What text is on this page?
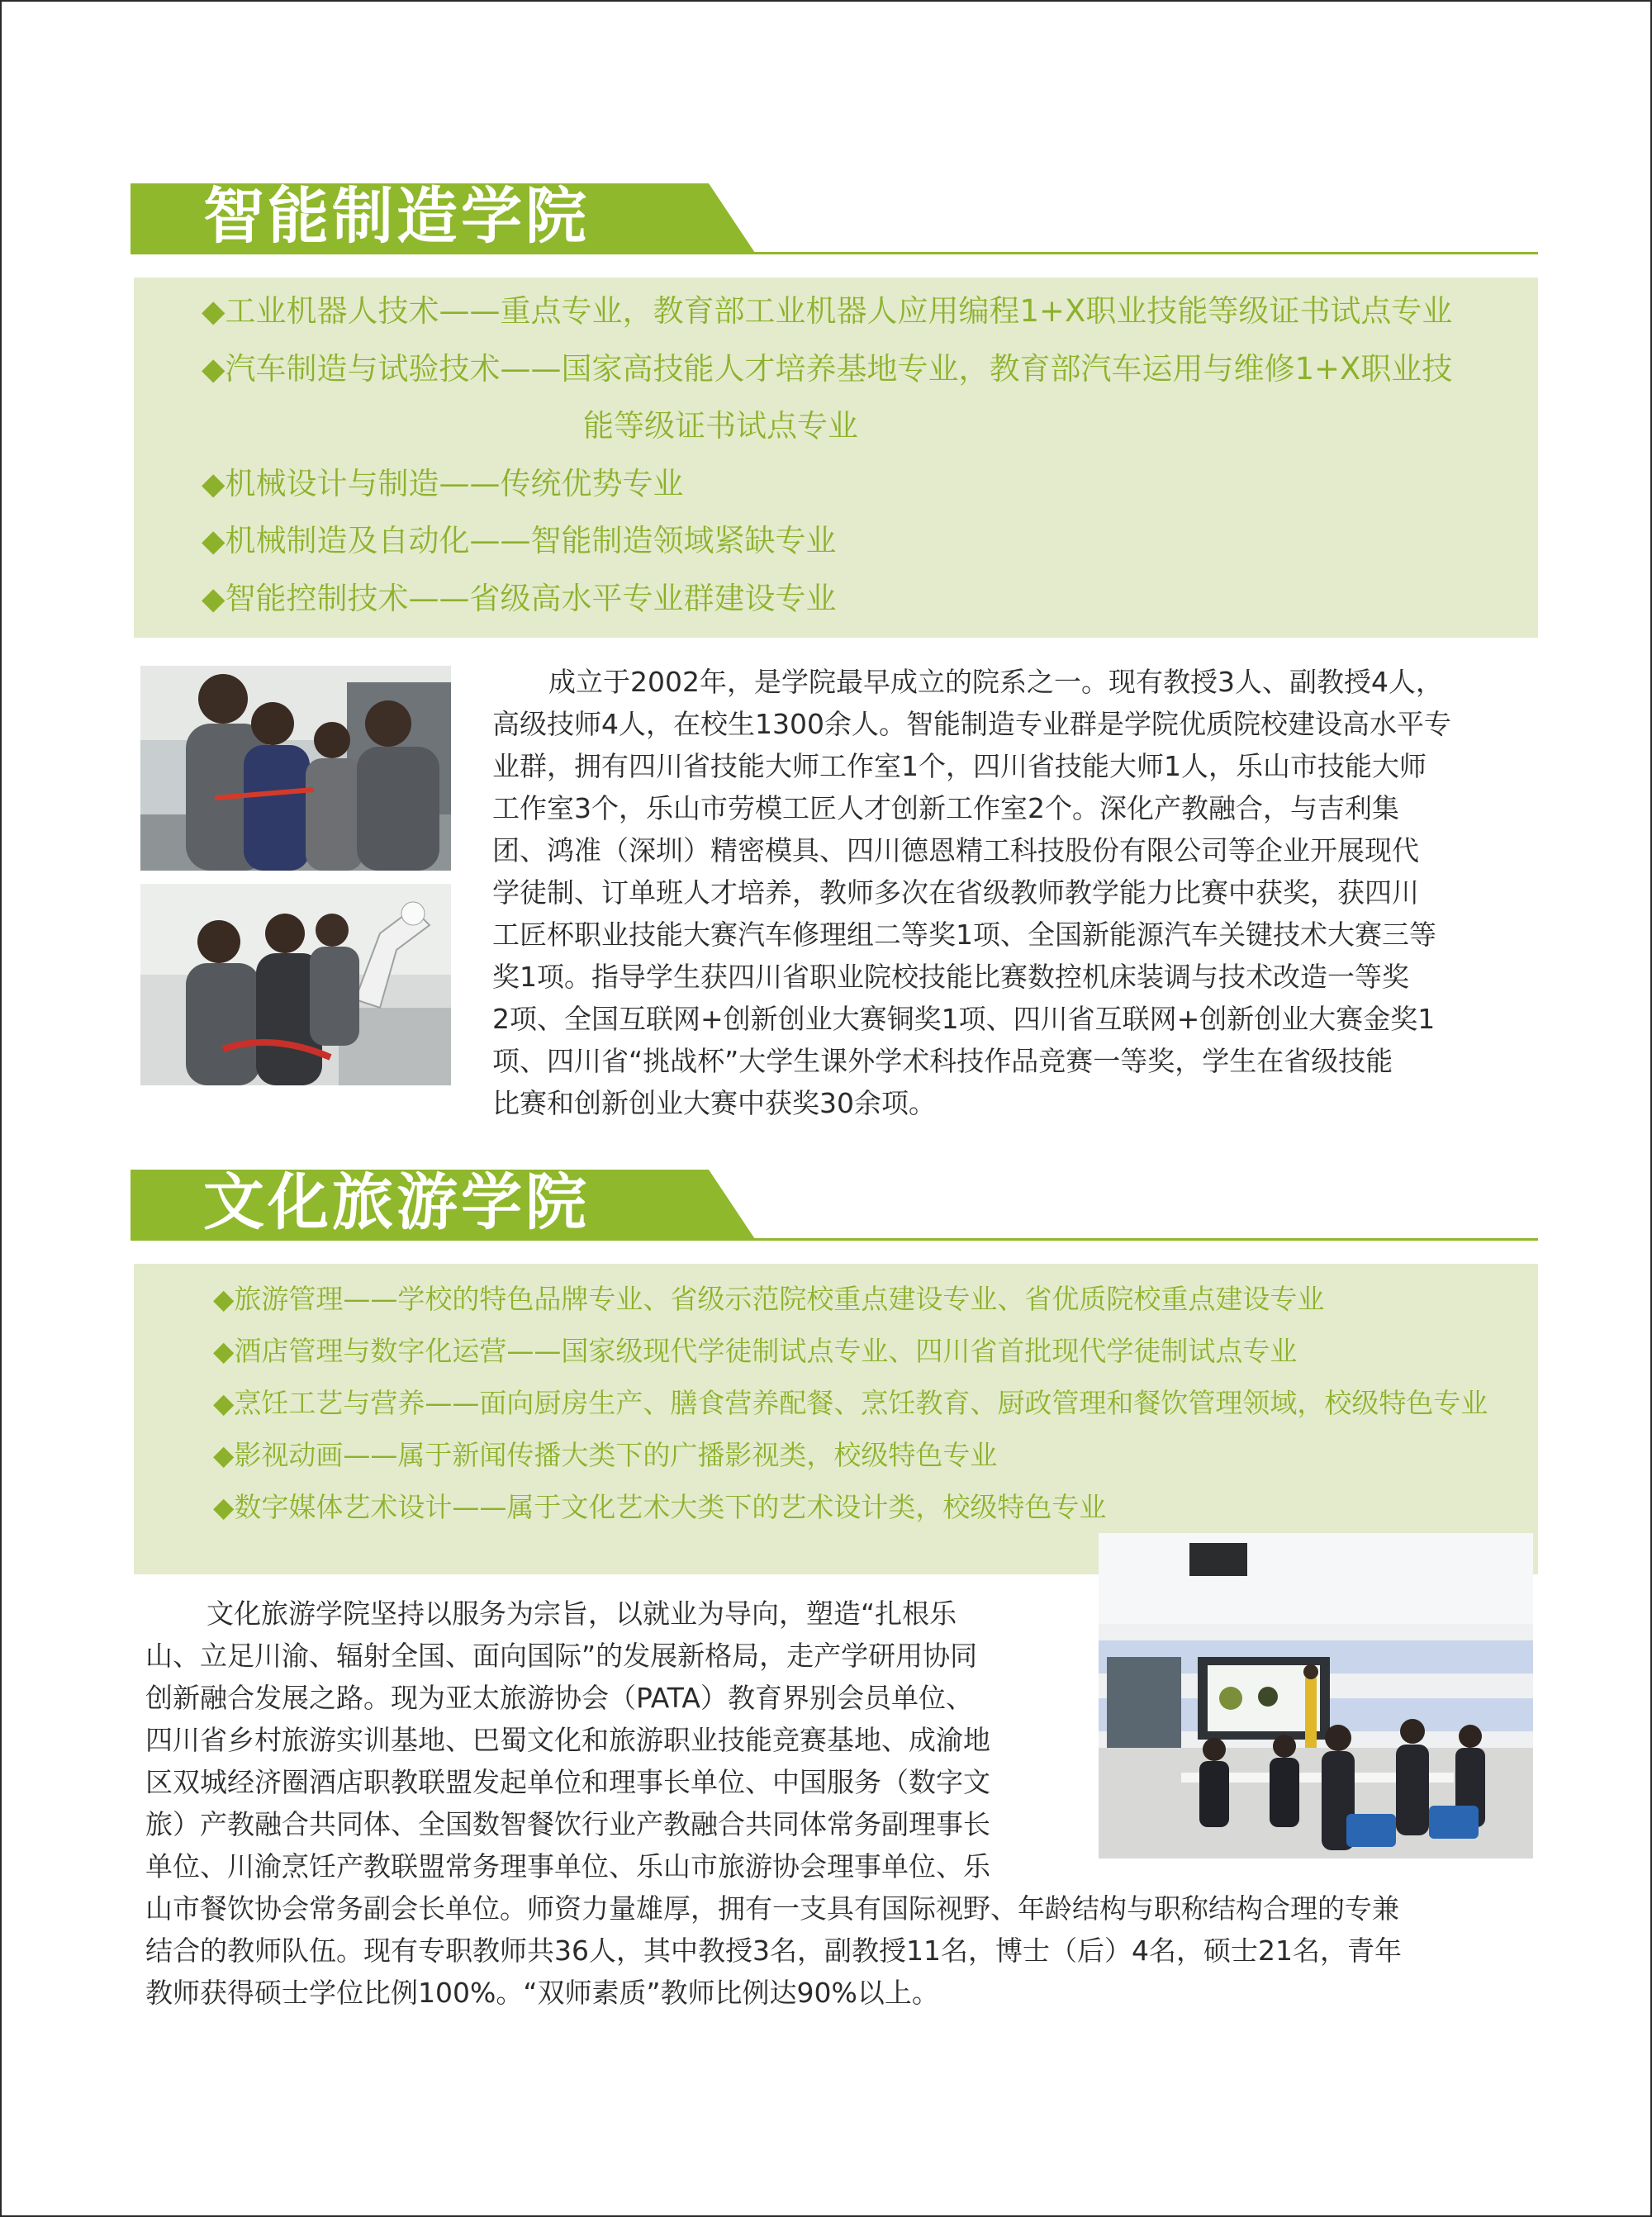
智能制造学院
◆工业机器人技术——重点专业，教育部工业机器人应用编程1+X职业技能等级证书试点专业
◆汽车制造与试验技术——国家高技能人才培养基地专业，教育部汽车运用与维修1+X职业技
能等级证书试点专业
◆机械设计与制造——传统优势专业
◆机械制造及自动化——智能制造领域紧缺专业
◆智能控制技术——省级高水平专业群建设专业
成立于2002年，是学院最早成立的院系之一。现有教授3人、副教授4人，
高级技师4人，在校生1300余人。智能制造专业群是学院优质院校建设高水平专
业群，拥有四川省技能大师工作室1个，四川省技能大师1人，乐山市技能大师
工作室3个，乐山市劳模工匠人才创新工作室2个。深化产教融合，与吉利集
团、鸿准（深圳）精密模具、四川德恩精工科技股份有限公司等企业开展现代
学徒制、订单班人才培养，教师多次在省级教师教学能力比赛中获奖，获四川
工匠杯职业技能大赛汽车修理组二等奖1项、全国新能源汽车关键技术大赛三等
奖1项。指导学生获四川省职业院校技能比赛数控机床装调与技术改造一等奖
2项、全国互联网+创新创业大赛铜奖1项、四川省互联网+创新创业大赛金奖1
项、四川省“挑战杯”大学生课外学术科技作品竞赛一等奖，学生在省级技能
比赛和创新创业大赛中获奖30余项。
文化旅游学院
◆旅游管理——学校的特色品牌专业、省级示范院校重点建设专业、省优质院校重点建设专业
◆酒店管理与数字化运营——国家级现代学徒制试点专业、四川省首批现代学徒制试点专业
◆烹饪工艺与营养——面向厨房生产、膳食营养配餐、烹饪教育、厨政管理和餐饮管理领域，校级特色专业
◆影视动画——属于新闻传播大类下的广播影视类，校级特色专业
◆数字媒体艺术设计——属于文化艺术大类下的艺术设计类，校级特色专业
文化旅游学院坚持以服务为宗旨，以就业为导向，塑造“扎根乐
山、立足川渝、辐射全国、面向国际”的发展新格局，走产学研用协同
创新融合发展之路。现为亚太旅游协会（PATA）教育界别会员单位、
四川省乡村旅游实训基地、巴蜀文化和旅游职业技能竞赛基地、成渝地
区双城经济圈酒店职教联盟发起单位和理事长单位、中国服务（数字文
旅）产教融合共同体、全国数智餐饮行业产教融合共同体常务副理事长
单位、川渝烹饪产教联盟常务理事单位、乐山市旅游协会理事单位、乐
山市餐饮协会常务副会长单位。师资力量雄厚，拥有一支具有国际视野、年龄结构与职称结构合理的专兼
结合的教师队伍。现有专职教师共36人，其中教授3名，副教授11名，博士（后）4名，硕士21名，青年
教师获得硕士学位比例100%。“双师素质”教师比例达90%以上。
